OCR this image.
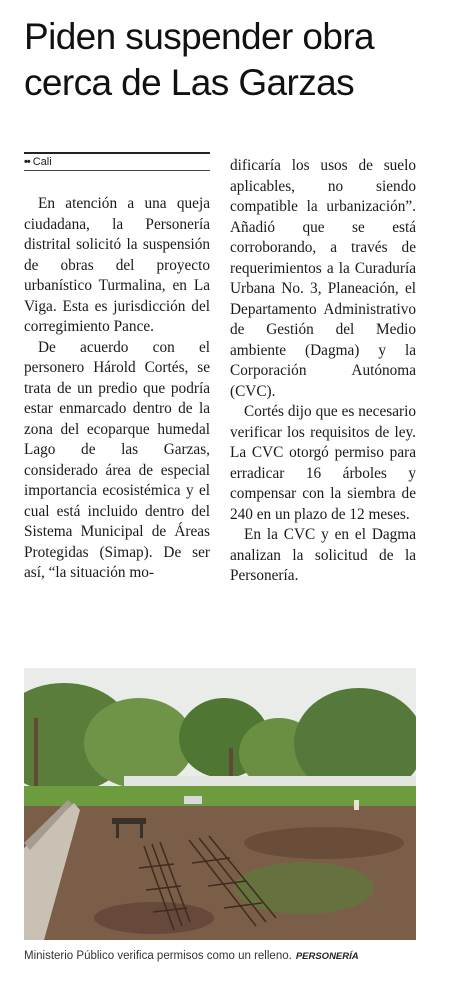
Piden suspender obra cerca de Las Garzas
•• Cali

En atención a una queja ciudadana, la Personería distrital solicitó la suspensión de obras del proyecto urbanístico Turmalina, en La Viga. Esta es jurisdicción del corregimiento Pance.

De acuerdo con el personero Hárold Cortés, se trata de un predio que podría estar enmarcado dentro de la zona del ecoparque humedal Lago de las Garzas, considerado área de especial importancia ecosistémica y el cual está incluido dentro del Sistema Municipal de Áreas Protegidas (Simap). De ser así, “la situación mo-

dificaría los usos de suelo aplicables, no siendo compatible la urbanización”. Añadió que se está corroborando, a través de requerimientos a la Curaduría Urbana No. 3, Planeación, el Departamento Administrativo de Gestión del Medio ambiente (Dagma) y la Corporación Autónoma (CVC).

Cortés dijo que es necesario verificar los requisitos de ley. La CVC otorgó permiso para erradicar 16 árboles y compensar con la siembra de 240 en un plazo de 12 meses.

En la CVC y en el Dagma analizan la solicitud de la Personería.

Ministerio Público verifica permisos como un relleno. PERSONERÍA
